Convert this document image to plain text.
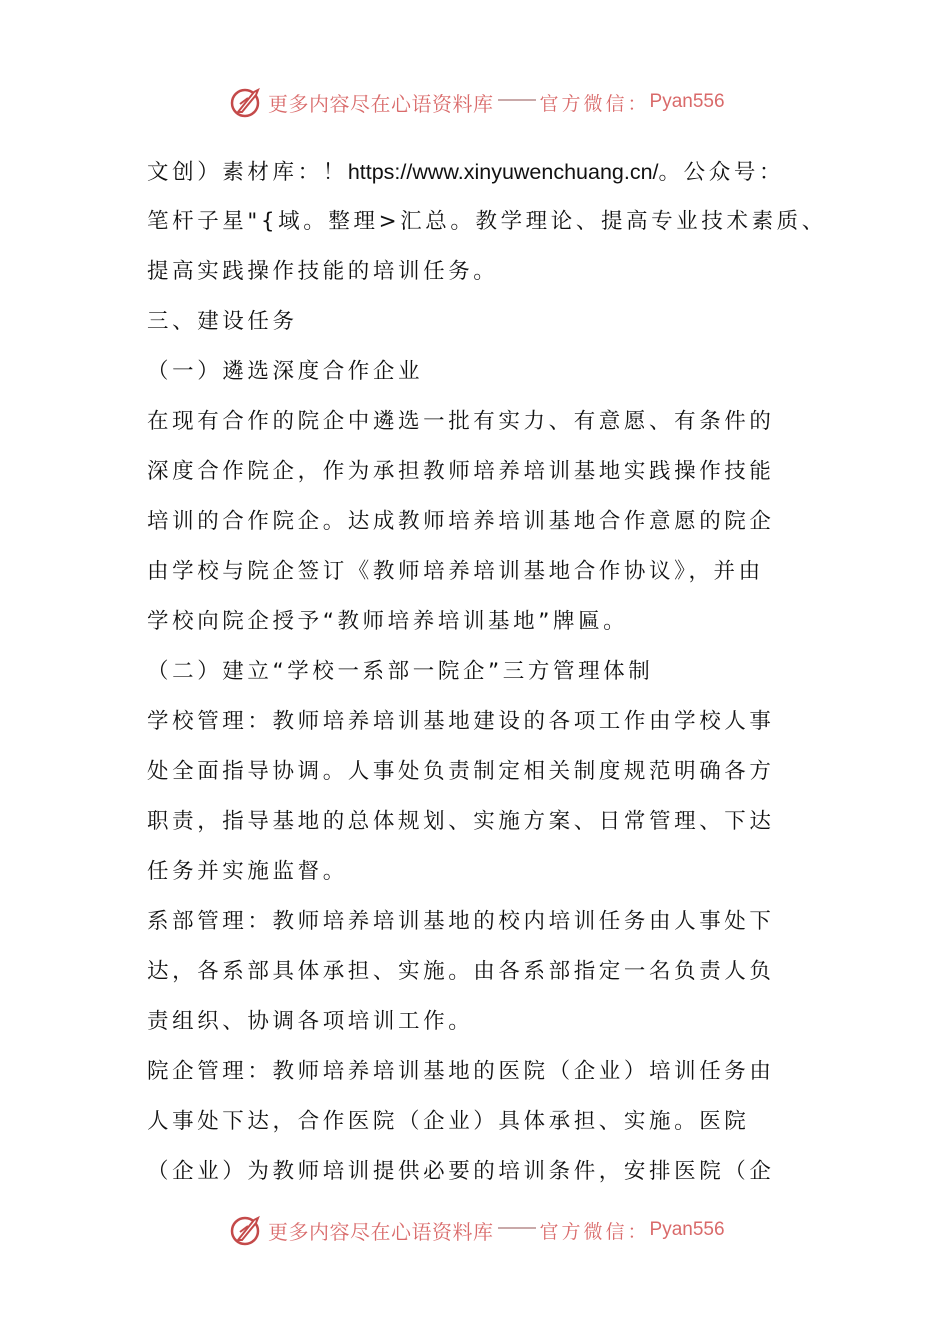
更多内容尽在心语资料库 官方微信： Pyan556
文创）素材库：！https://www.xinyuwenchuang.cn/。公众号：
笔杆子星"{域。整理>汇总。教学理论、提高专业技术素质、
提高实践操作技能的培训任务。
三、建设任务
（一）遴选深度合作企业
在现有合作的院企中遴选一批有实力、有意愿、有条件的
深度合作院企，作为承担教师培养培训基地实践操作技能
培训的合作院企。达成教师培养培训基地合作意愿的院企
由学校与院企签订《教师培养培训基地合作协议》，并由
学校向院企授予“教师培养培训基地”牌匾。
（二）建立“学校一系部一院企”三方管理体制
学校管理：教师培养培训基地建设的各项工作由学校人事
处全面指导协调。人事处负责制定相关制度规范明确各方
职责，指导基地的总体规划、实施方案、日常管理、下达
任务并实施监督。
系部管理：教师培养培训基地的校内培训任务由人事处下
达，各系部具体承担、实施。由各系部指定一名负责人负
责组织、协调各项培训工作。
院企管理：教师培养培训基地的医院（企业）培训任务由
人事处下达，合作医院（企业）具体承担、实施。医院
（企业）为教师培训提供必要的培训条件，安排医院（企
更多内容尽在心语资料库 官方微信： Pyan556
